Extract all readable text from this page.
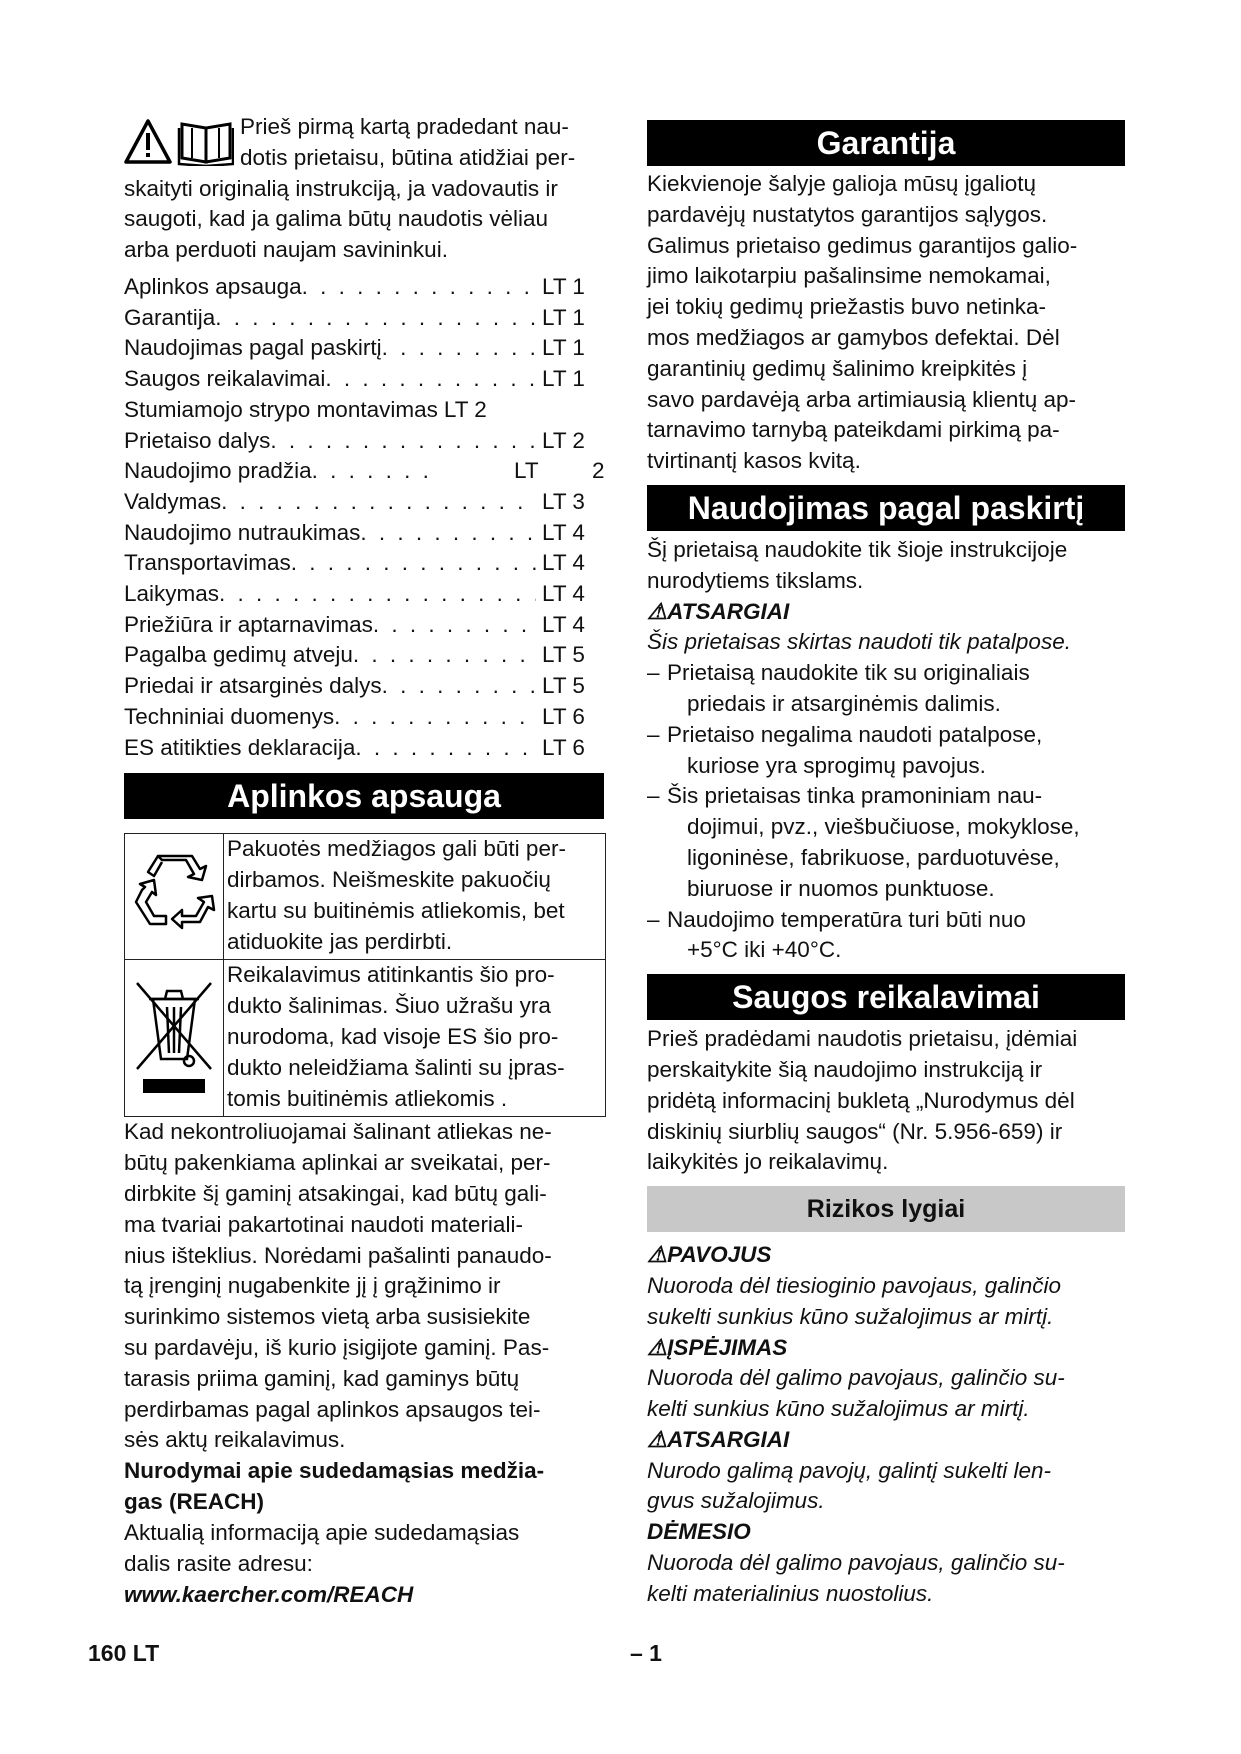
Prieš pirmą kartą pradedant nau-
dotis prietaisu, būtina atidžiai per-
skaityti originalią instrukciją, ja vadovautis ir
saugoti, kad ja galima būtų naudotis vėliau
arba perduoti naujam savininkui.
Aplinkos apsauga . . .	LT 1
Garantija . . .	LT 1
Naudojimas pagal paskirtį . . .	LT 1
Saugos reikalavimai . . .	LT 1
Stumiamojo strypo montavimas LT 2
Prietaiso dalys . . .	LT 2
Naudojimo pradžia . . .	LT	2
Valdymas . . .	LT 3
Naudojimo nutraukimas . . .	LT 4
Transportavimas . . .	LT 4
Laikymas . . .	LT 4
Priežiūra ir aptarnavimas . . .	LT 4
Pagalba gedimų atveju . . .	LT 5
Priedai ir atsarginės dalys . . .	LT 5
Techniniai duomenys . . .	LT 6
ES atitikties deklaracija . . .	LT 6
Aplinkos apsauga

Pakuotės medžiagos gali būti per-
dirbamos. Neišmeskite pakuočių
kartu su buitinėmis atliekomis, bet
atiduokite jas perdirbti.

Reikalavimus atitinkantis šio pro-
dukto šalinimas. Šiuo užrašu yra
nurodoma, kad visoje ES šio pro-
dukto neleidžiama šalinti su įpras-
tomis buitinėmis atliekomis .
Kad nekontroliuojamai šalinant atliekas ne-
būtų pakenkiama aplinkai ar sveikatai, per-
dirbkite šį gaminį atsakingai, kad būtų gali-
ma tvariai pakartotinai naudoti materiali-
nius išteklius. Norėdami pašalinti panaudo-
tą įrenginį nugabenkite jį į grąžinimo ir
surinkimo sistemos vietą arba susisiekite
su pardavėju, iš kurio įsigijote gaminį. Pas-
tarasis priima gaminį, kad gaminys būtų
perdirbamas pagal aplinkos apsaugos tei-
sės aktų reikalavimus.
Nurodymai apie sudedamąsias medžia-
gas (REACH)
Aktualią informaciją apie sudedamąsias
dalis rasite adresu:
www.kaercher.com/REACH
Garantija
Kiekvienoje šalyje galioja mūsų įgaliotų
pardavėjų nustatytos garantijos sąlygos.
Galimus prietaiso gedimus garantijos galio-
jimo laikotarpiu pašalinsime nemokamai,
jei tokių gedimų priežastis buvo netinka-
mos medžiagos ar gamybos defektai. Dėl
garantinių gedimų šalinimo kreipkitės į
savo pardavėją arba artimiausią klientų ap-
tarnavimo tarnybą pateikdami pirkimą pa-
tvirtinantį kasos kvitą.
Naudojimas pagal paskirtį
Šį prietaisą naudokite tik šioje instrukcijoje
nurodytiems tikslams.
⚠ATSARGIAI
Šis prietaisas skirtas naudoti tik patalpose.
– Prietaisą naudokite tik su originaliais
priedais ir atsarginėmis dalimis.
– Prietaiso negalima naudoti patalpose,
kuriose yra sprogimų pavojus.
– Šis prietaisas tinka pramoniniam nau-
dojimui, pvz., viešbučiuose, mokyklose,
ligoninėse, fabrikuose, parduotuvėse,
biuruose ir nuomos punktuose.
– Naudojimo temperatūra turi būti nuo
+5°C iki +40°C.
Saugos reikalavimai
Prieš pradėdami naudotis prietaisu, įdėmiai
perskaitykite šią naudojimo instrukciją ir
pridėtą informacinį bukletą „Nurodymus dėl
diskinių siurblių saugos“ (Nr. 5.956-659) ir
laikykitės jo reikalavimų.
Rizikos lygiai
⚠PAVOJUS
Nuoroda dėl tiesioginio pavojaus, galinčio
sukelti sunkius kūno sužalojimus ar mirtį.
⚠ĮSPĖJIMAS
Nuoroda dėl galimo pavojaus, galinčio su-
kelti sunkius kūno sužalojimus ar mirtį.
⚠ATSARGIAI
Nurodo galimą pavojų, galintį sukelti len-
gvus sužalojimus.
DĖMESIO
Nuoroda dėl galimo pavojaus, galinčio su-
kelti materialinius nuostolius.
160 LT	– 1
